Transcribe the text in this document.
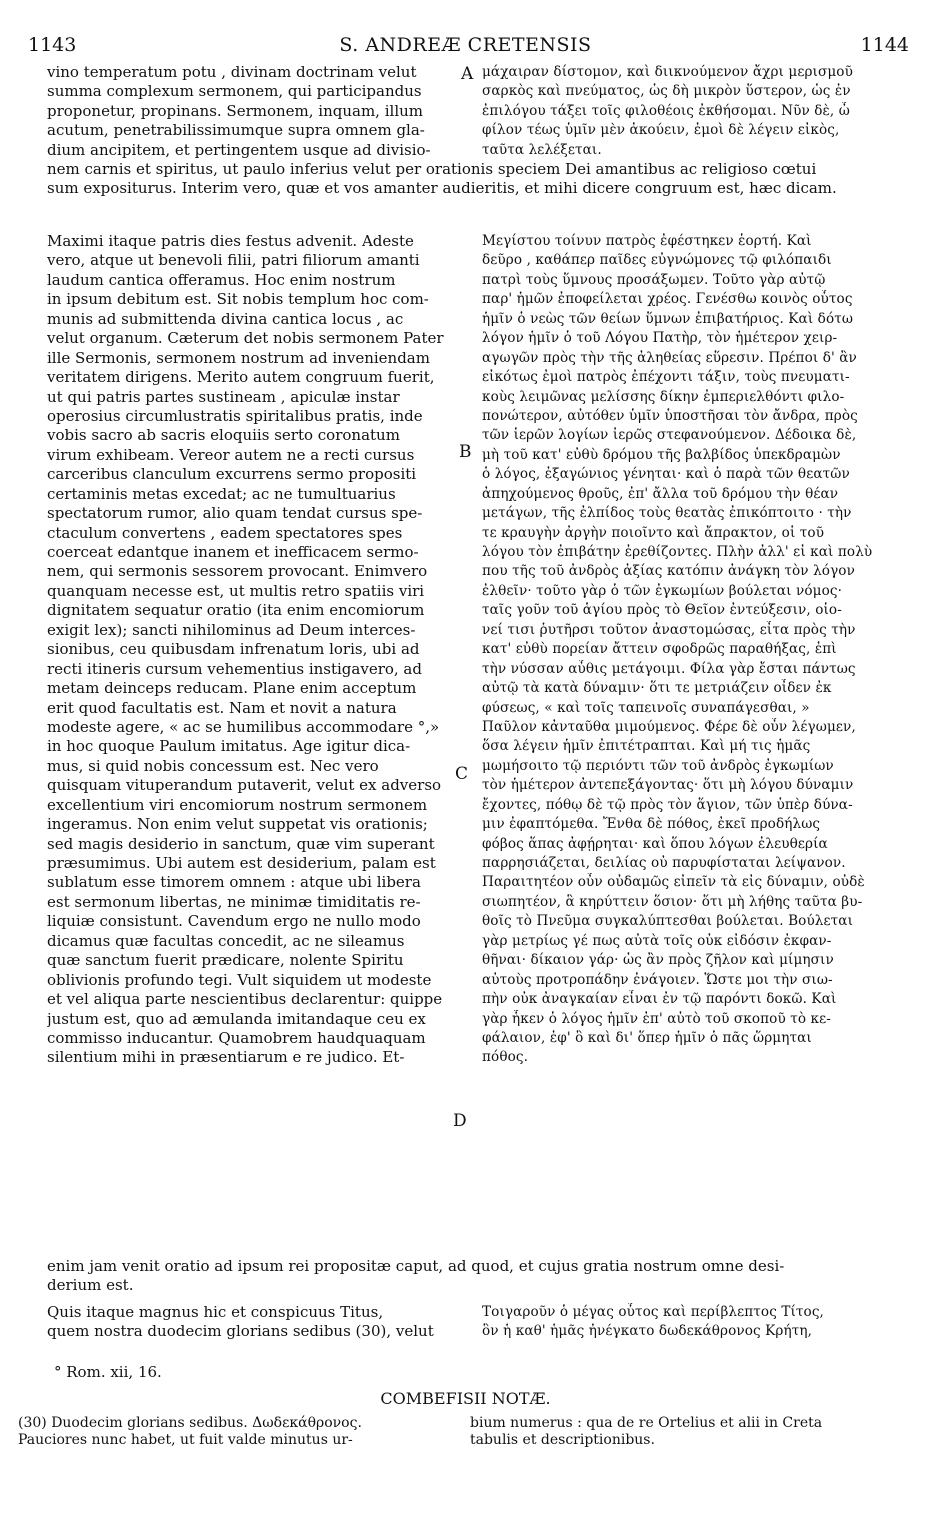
1143	S. ANDREÆ CRETENSIS	1144
vino temperatum potu , divinam doctrinam velut
summa complexum sermonem, qui participandus
proponetur, propinans. Sermonem, inquam, illum
acutum, penetrabilissimumque supra omnem gla-
dium ancipitem, et pertingentem usque ad divisio-
μάχαιραν δίστομον, καὶ διικνούμενον ἄχρι μερισμοῦ
σαρκὸς καὶ πνεύματος, ὡς δὴ μικρὸν ὕστερον, ὡς ἐν
ἐπιλόγου τάξει τοῖς φιλοθέοις ἐκθήσομαι. Νῦν δὲ, ὦ
φίλον τέως ὑμῖν μὲν ἀκούειν, ἐμοὶ δὲ λέγειν εἰκὸς,
ταῦτα λελέξεται.
nem carnis et spiritus, ut paulo inferius velut per orationis speciem Dei amantibus ac religioso cœtui
sum expositurus. Interim vero, quæ et vos amanter audieritis, et mihi dicere congruum est, hæc dicam.
Maximi itaque patris dies festus advenit. Adeste
vero, atque ut benevoli filii, patri filiorum amanti
laudum cantica offeramus. Hoc enim nostrum
in ipsum debitum est. Sit nobis templum hoc com-
munis ad submittenda divina cantica locus , ac
velut organum. Cæterum det nobis sermonem Pater
ille Sermonis, sermonem nostrum ad inveniendam
veritatem dirigens. Merito autem congruum fuerit,
ut qui patris partes sustineam , apiculæ instar
operosius circumlustratis spiritalibus pratis, inde
vobis sacro ab sacris eloquiis serto coronatum
virum exhibeam. Vereor autem ne a recti cursus
carceribus clanculum excurrens sermo propositi
certaminis metas excedat; ac ne tumultuarius
spectatorum rumor, alio quam tendat cursus spe-
ctaculum convertens , eadem spectatores spes
coerceat edantque inanem et inefficacem sermo-
nem, qui sermonis sessorem provocant. Enimvero
quanquam necesse est, ut multis retro spatiis viri
dignitatem sequatur oratio (ita enim encomiorum
exigit lex); sancti nihilominus ad Deum interces-
sionibus, ceu quibusdam infrenatum loris, ubi ad
recti itineris cursum vehementius instigavero, ad
metam deinceps reducam. Plane enim acceptum
erit quod facultatis est. Nam et novit a natura
modeste agere, « ac se humilibus accommodare °,»
in hoc quoque Paulum imitatus. Age igitur dica-
mus, si quid nobis concessum est. Nec vero
quisquam vituperandum putaverit, velut ex adverso
excellentium viri encomiorum nostrum sermonem
ingeramus. Non enim velut suppetat vis orationis;
sed magis desiderio in sanctum, quæ vim superant
præsumimus. Ubi autem est desiderium, palam est
sublatum esse timorem omnem : atque ubi libera
est sermonum libertas, ne minimæ timiditatis re-
liquiæ consistunt. Cavendum ergo ne nullo modo
dicamus quæ facultas concedit, ac ne sileamus
quæ sanctum fuerit prædicare, nolente Spiritu
oblivionis profundo tegi. Vult siquidem ut modeste
et vel aliqua parte nescientibus declarentur: quippe
justum est, quo ad æmulanda imitandaque ceu ex
commisso inducantur. Quamobrem haudquaquam
silentium mihi in præsentiarum e re judico. Et-
Μεγίστου τοίνυν πατρὸς ἐφέστηκεν ἑορτή. Καὶ
δεῦρο , καθάπερ παῖδες εὐγνώμονες τῷ φιλόπαιδι
πατρὶ τοὺς ὕμνους προσάξωμεν. Τοῦτο γὰρ αὐτῷ
παρ' ἡμῶν ἐποφείλεται χρέος. Γενέσθω κοινὸς οὗτος
ἡμῖν ὁ νεὼς τῶν θείων ὕμνων ἐπιβατήριος. Καὶ δότω
λόγον ἡμῖν ὁ τοῦ Λόγου Πατὴρ, τὸν ἡμέτερον χειρ-
αγωγῶν πρὸς τὴν τῆς ἀληθείας εὕρεσιν. Πρέποι δ' ἂν
εἰκότως ἐμοὶ πατρὸς ἐπέχοντι τάξιν, τοὺς πνευματι-
κοὺς λειμῶνας μελίσσης δίκην ἐμπεριελθόντι φιλο-
πονώτερον, αὐτόθεν ὑμῖν ὑποστῆσαι τὸν ἄνδρα, πρὸς
τῶν ἱερῶν λογίων ἱερῶς στεφανούμενον. Δέδοικα δὲ,
μὴ τοῦ κατ' εὐθὺ δρόμου τῆς βαλβίδος ὑπεκδραμὼν
ὁ λόγος, ἐξαγώνιος γένηται· καὶ ὁ παρὰ τῶν θεατῶν
ἀπηχούμενος θροῦς, ἐπ' ἄλλα τοῦ δρόμου τὴν θέαν
μετάγων, τῆς ἐλπίδος τοὺς θεατὰς ἐπικόπτοιτο · τὴν
τε κραυγὴν ἀργὴν ποιοῖντο καὶ ἄπρακτον, οἱ τοῦ
λόγου τὸν ἐπιβάτην ἐρεθίζοντες. Πλὴν ἀλλ' εἰ καὶ πολὺ
που τῆς τοῦ ἀνδρὸς ἀξίας κατόπιν ἀνάγκη τὸν λόγον
ἐλθεῖν· τοῦτο γὰρ ὁ τῶν ἐγκωμίων βούλεται νόμος·
ταῖς γοῦν τοῦ ἁγίου πρὸς τὸ Θεῖον ἐντεύξεσιν, οἱο-
νεί τισι ῥυτῆρσι τοῦτον ἀναστομώσας, εἶτα πρὸς τὴν
κατ' εὐθὺ πορείαν ἄττειν σφοδρῶς παραθήξας, ἐπὶ
τὴν νύσσαν αὖθις μετάγοιμι. Φίλα γὰρ ἔσται πάντως
αὐτῷ τὰ κατὰ δύναμιν· ὅτι τε μετριάζειν οἶδεν ἐκ
φύσεως, « καὶ τοῖς ταπεινοῖς συναπάγεσθαι, »
Παῦλον κἀνταῦθα μιμούμενος. Φέρε δὲ οὖν λέγωμεν,
ὅσα λέγειν ἡμῖν ἐπιτέτραπται. Καὶ μή τις ἡμᾶς
μωμήσοιτο τῷ περιόντι τῶν τοῦ ἀνδρὸς ἐγκωμίων
τὸν ἡμέτερον ἀντεπεξάγοντας· ὅτι μὴ λόγου δύναμιν
ἔχοντες, πόθῳ δὲ τῷ πρὸς τὸν ἅγιον, τῶν ὑπὲρ δύνα-
μιν ἐφαπτόμεθα. Ἔνθα δὲ πόθος, ἐκεῖ προδήλως
φόβος ἅπας ἀφῄρηται· καὶ ὅπου λόγων ἐλευθερία
παρρησιάζεται, δειλίας οὐ παρυφίσταται λείψανον.
Παραιτητέον οὖν οὐδαμῶς εἰπεῖν τὰ εἰς δύναμιν, οὐδὲ
σιωπητέον, ἃ κηρύττειν ὅσιον· ὅτι μὴ λήθης ταῦτα βυ-
θοῖς τὸ Πνεῦμα συγκαλύπτεσθαι βούλεται. Βούλεται
γὰρ μετρίως γέ πως αὐτὰ τοῖς οὐκ εἰδόσιν ἐκφαν-
θῆναι· δίκαιον γάρ· ὡς ἂν πρὸς ζῆλον καὶ μίμησιν
αὐτοὺς προτροπάδην ἐνάγοιεν. Ὥστε μοι τὴν σιω-
πὴν οὐκ ἀναγκαίαν εἶναι ἐν τῷ παρόντι δοκῶ. Καὶ
γὰρ ἧκεν ὁ λόγος ἡμῖν ἐπ' αὐτὸ τοῦ σκοποῦ τὸ κε-
φάλαιον, ἐφ' ὃ καὶ δι' ὅπερ ἡμῖν ὁ πᾶς ὥρμηται
πόθος.
enim jam venit oratio ad ipsum rei propositæ caput, ad quod, et cujus gratia nostrum omne desi-
derium est.
Quis itaque magnus hic et conspicuus Titus,
quem nostra duodecim glorians sedibus (30), velut
Τοιγαροῦν ὁ μέγας οὗτος καὶ περίβλεπτος Τίτος,
ὃν ἡ καθ' ἡμᾶς ἠνέγκατο δωδεκάθρονος Κρήτη,
A
B
C
D
° Rom. xii, 16.
COMBEFISII NOTÆ.
(30) Duodecim glorians sedibus. Δωδεκάθρονος.
Pauciores nunc habet, ut fuit valde minutus ur-
bium numerus : qua de re Ortelius et alii in Creta
tabulis et descriptionibus.
